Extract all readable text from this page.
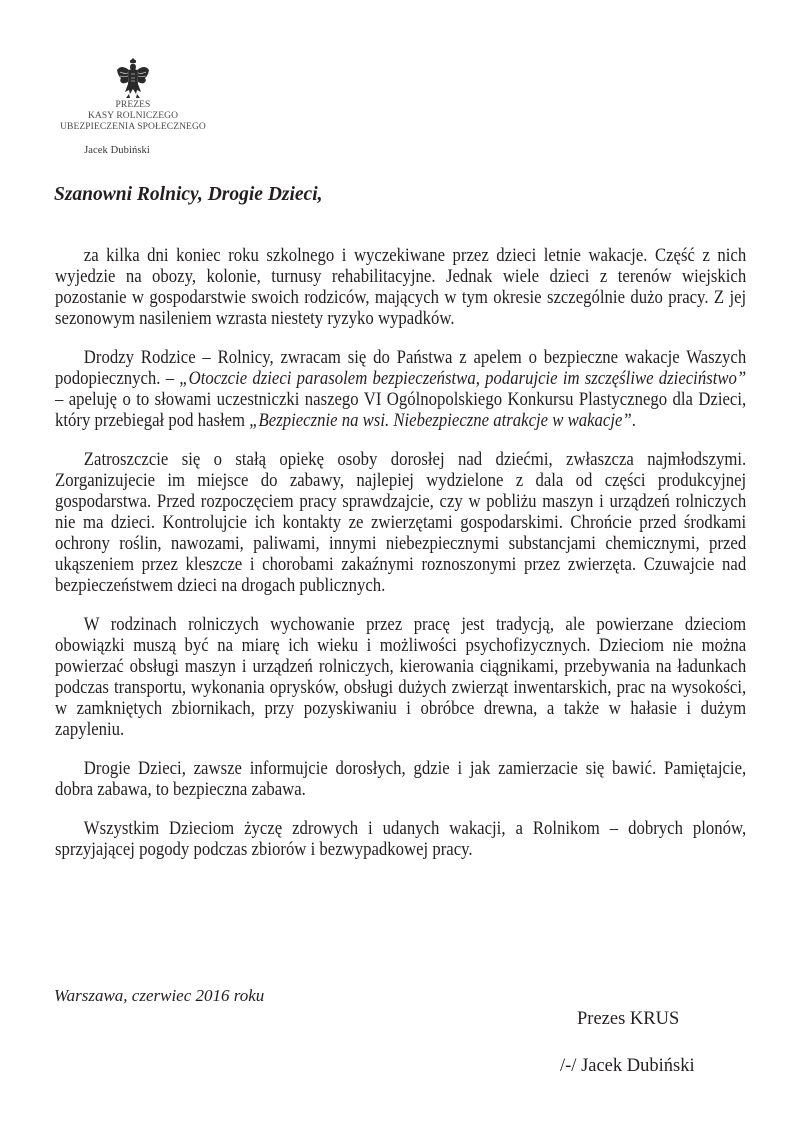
PREZES
KASY ROLNICZEGO
UBEZPIECZENIA SPOŁECZNEGO
Jacek Dubiński

Szanowni Rolnicy, Drogie Dzieci,

za kilka dni koniec roku szkolnego i wyczekiwane przez dzieci letnie wakacje. Część z nich wyjedzie na obozy, kolonie, turnusy rehabilitacyjne. Jednak wiele dzieci z terenów wiejskich pozostanie w gospodarstwie swoich rodziców, mających w tym okresie szczególnie dużo pracy. Z jej sezonowym nasileniem wzrasta niestety ryzyko wypadków.

Drodzy Rodzice – Rolnicy, zwracam się do Państwa z apelem o bezpieczne wakacje Waszych podopiecznych. – „Otoczcie dzieci parasolem bezpieczeństwa, podarujcie im szczęśliwe dzieciństwo” – apeluję o to słowami uczestniczki naszego VI Ogólnopolskiego Konkursu Plastycznego dla Dzieci, który przebiegał pod hasłem „Bezpiecznie na wsi. Niebezpieczne atrakcje w wakacje”.

Zatroszczcie się o stałą opiekę osoby dorosłej nad dziećmi, zwłaszcza najmłodszymi. Zorganizujecie im miejsce do zabawy, najlepiej wydzielone z dala od części produkcyjnej gospodarstwa. Przed rozpoczęciem pracy sprawdzajcie, czy w pobliżu maszyn i urządzeń rolniczych nie ma dzieci. Kontrolujcie ich kontakty ze zwierzętami gospodarskimi. Chrońcie przed środkami ochrony roślin, nawozami, paliwami, innymi niebezpiecznymi substancjami chemicznymi, przed ukąszeniem przez kleszcze i chorobami zakaźnymi roznoszonymi przez zwierzęta. Czuwajcie nad bezpieczeństwem dzieci na drogach publicznych.

W rodzinach rolniczych wychowanie przez pracę jest tradycją, ale powierzane dzieciom obowiązki muszą być na miarę ich wieku i możliwości psychofizycznych. Dzieciom nie można powierzać obsługi maszyn i urządzeń rolniczych, kierowania ciągnikami, przebywania na ładunkach podczas transportu, wykonania oprysków, obsługi dużych zwierząt inwentarskich, prac na wysokości, w zamkniętych zbiornikach, przy pozyskiwaniu i obróbce drewna, a także w hałasie i dużym zapyleniu.

Drogie Dzieci, zawsze informujcie dorosłych, gdzie i jak zamierzacie się bawić. Pamiętajcie, dobra zabawa, to bezpieczna zabawa.

Wszystkim Dzieciom życzę zdrowych i udanych wakacji, a Rolnikom – dobrych plonów, sprzyjającej pogody podczas zbiorów i bezwypadkowej pracy.

Warszawa, czerwiec 2016 roku

Prezes KRUS

/-/ Jacek Dubiński
